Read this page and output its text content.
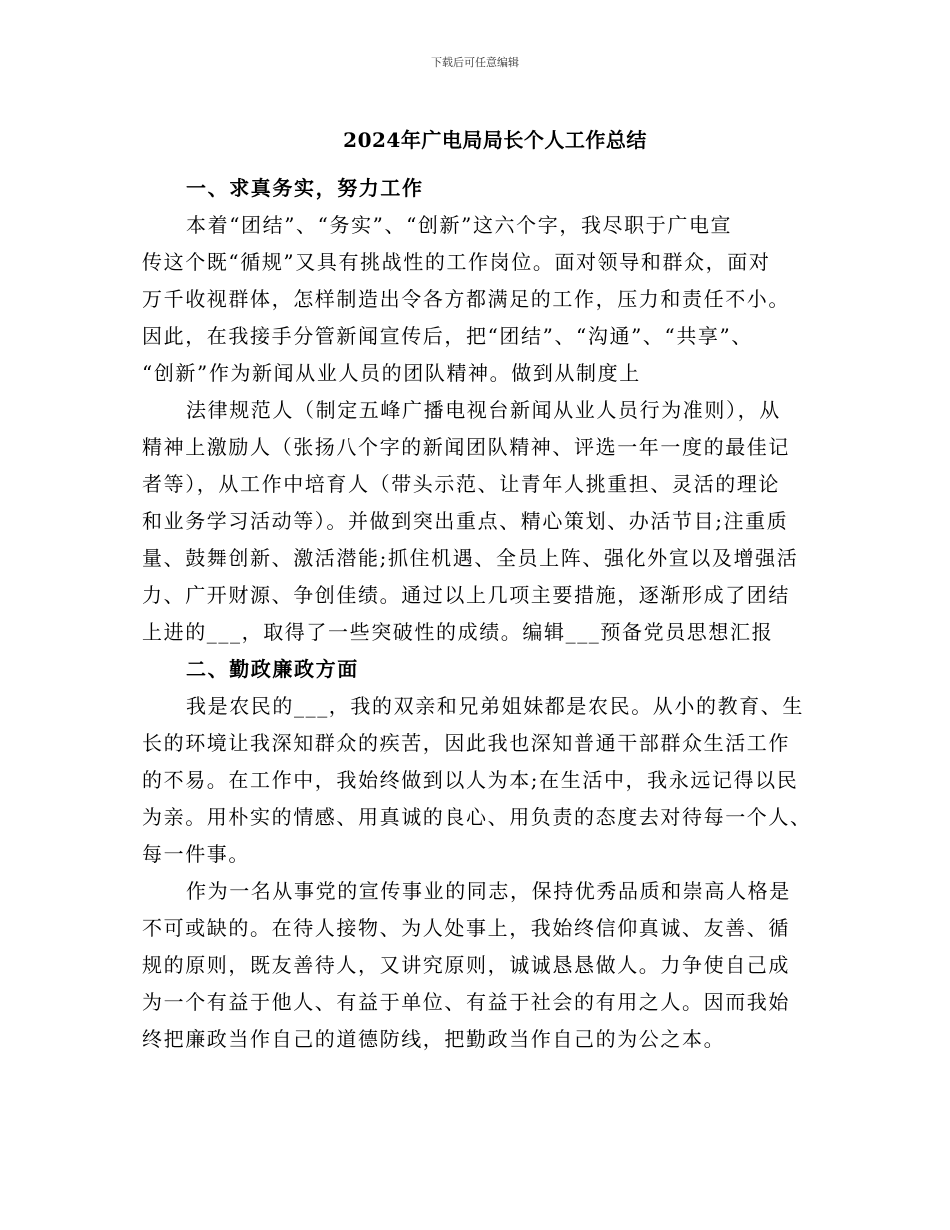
下载后可任意编辑
2024年广电局局长个人工作总结

一、求真务实，努力工作

本着“团结”、“务实”、“创新”这六个字，我尽职于广电宣
传这个既“循规”又具有挑战性的工作岗位。面对领导和群众，面对
万千收视群体，怎样制造出令各方都满足的工作，压力和责任不小。
因此，在我接手分管新闻宣传后，把“团结”、“沟通”、“共享”、
“创新”作为新闻从业人员的团队精神。做到从制度上

法律规范人（制定五峰广播电视台新闻从业人员行为准则），从
精神上激励人（张扬八个字的新闻团队精神、评选一年一度的最佳记
者等），从工作中培育人（带头示范、让青年人挑重担、灵活的理论
和业务学习活动等）。并做到突出重点、精心策划、办活节目;注重质
量、鼓舞创新、激活潜能;抓住机遇、全员上阵、强化外宣以及增强活
力、广开财源、争创佳绩。通过以上几项主要措施，逐渐形成了团结
上进的___，取得了一些突破性的成绩。编辑___预备党员思想汇报

二、勤政廉政方面

我是农民的___，我的双亲和兄弟姐妹都是农民。从小的教育、生
长的环境让我深知群众的疾苦，因此我也深知普通干部群众生活工作
的不易。在工作中，我始终做到以人为本;在生活中，我永远记得以民
为亲。用朴实的情感、用真诚的良心、用负责的态度去对待每一个人、
每一件事。

作为一名从事党的宣传事业的同志，保持优秀品质和崇高人格是
不可或缺的。在待人接物、为人处事上，我始终信仰真诚、友善、循
规的原则，既友善待人，又讲究原则，诚诚恳恳做人。力争使自己成
为一个有益于他人、有益于单位、有益于社会的有用之人。因而我始
终把廉政当作自己的道德防线，把勤政当作自己的为公之本。
